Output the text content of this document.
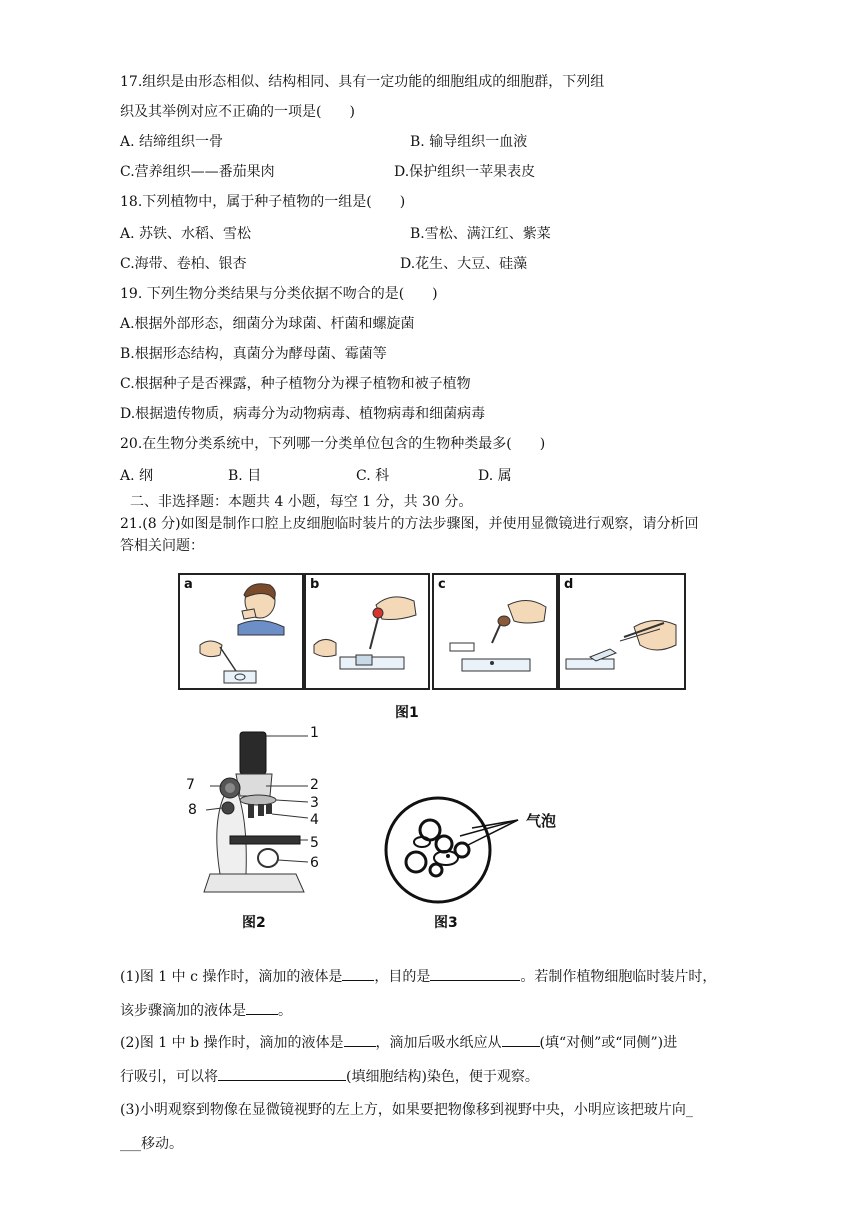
17.组织是由形态相似、结构相同、具有一定功能的细胞组成的细胞群，下列组
织及其举例对应不正确的一项是(　　)
A. 结缔组织一骨	B. 输导组织一血液
C.营养组织——番茄果肉	D.保护组织一苹果表皮
18.下列植物中，属于种子植物的一组是(　　)
A. 苏铁、水稻、雪松	B.雪松、满江红、紫菜
C.海带、卷柏、银杏	D.花生、大豆、硅藻
19. 下列生物分类结果与分类依据不吻合的是(　　)
A.根据外部形态，细菌分为球菌、杆菌和螺旋菌
B.根据形态结构，真菌分为酵母菌、霉菌等
C.根据种子是否裸露，种子植物分为裸子植物和被子植物
D.根据遗传物质，病毒分为动物病毒、植物病毒和细菌病毒
20.在生物分类系统中，下列哪一分类单位包含的生物种类最多(　　)
A. 纲	B. 目	C. 科	D. 属
二、非选择题：本题共 4 小题，每空 1 分，共 30 分。
21.(8 分)如图是制作口腔上皮细胞临时装片的方法步骤图，并使用显微镜进行观察，请分析回
答相关问题：
a	b	c	d
图1
1
2
3
4
5
6
7
8
图2
气泡
图3
(1)图 1 中 c 操作时，滴加的液体是 ，目的是	。若制作植物细胞临时装片时，
该步骤滴加的液体是 。
(2)图 1 中 b 操作时，滴加的液体是 ，滴加后吸水纸应从	(填“对侧”或“同侧”)进
行吸引，可以将	(填细胞结构)染色，便于观察。
(3)小明观察到物像在显微镜视野的左上方，如果要把物像移到视野中央，小明应该把玻片向_
___移动。
